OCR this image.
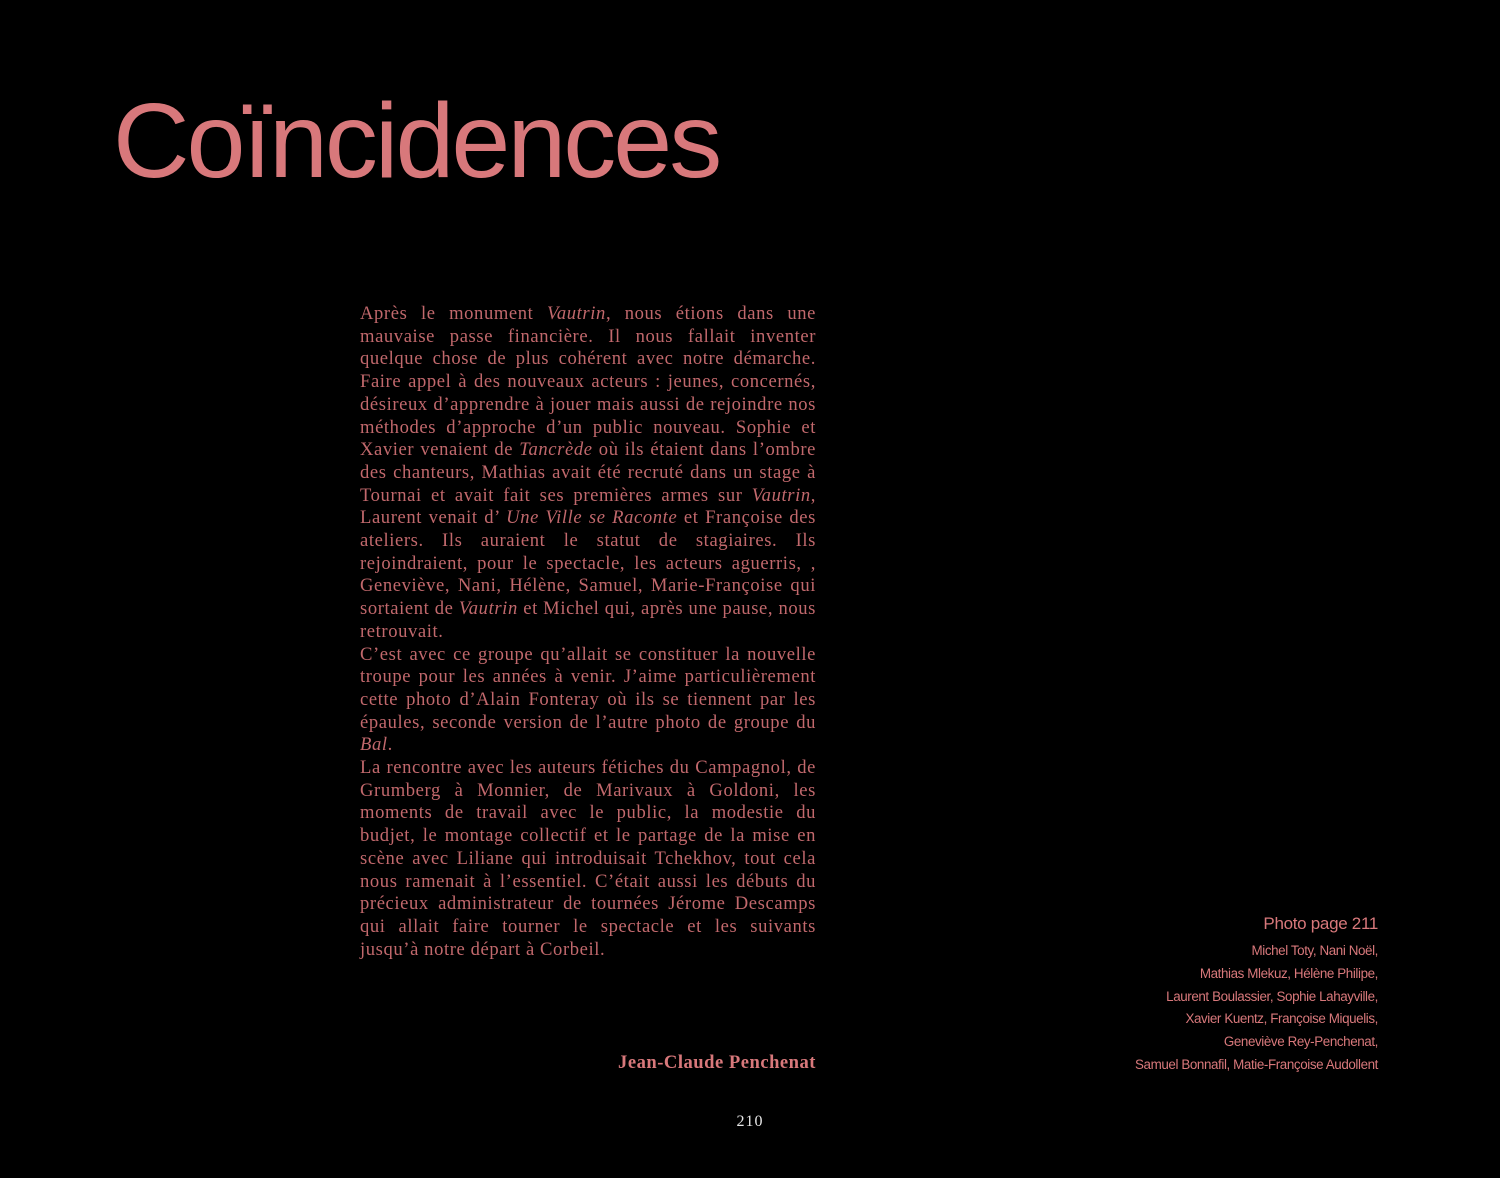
Coïncidences

Après le monument Vautrin, nous étions dans une mauvaise passe financière. Il nous fallait inventer quelque chose de plus cohérent avec notre démarche. Faire appel à des nouveaux acteurs : jeunes, concernés, désireux d’apprendre à jouer mais aussi de rejoindre nos méthodes d’approche d’un public nouveau. Sophie et Xavier venaient de Tancrède où ils étaient dans l’ombre des chanteurs, Mathias avait été recruté dans un stage à Tournai et avait fait ses premières armes sur Vautrin, Laurent venait d’ Une Ville se Raconte et Françoise des ateliers. Ils auraient le statut de stagiaires. Ils rejoindraient, pour le spectacle, les acteurs aguerris, , Geneviève, Nani, Hélène, Samuel, Marie-Françoise qui sortaient de Vautrin et Michel qui, après une pause, nous retrouvait.

C’est avec ce groupe qu’allait se constituer la nouvelle troupe pour les années à venir. J’aime particulièrement cette photo d’Alain Fonteray où ils se tiennent par les épaules, seconde version de l’autre photo de groupe du Bal.

La rencontre avec les auteurs fétiches du Campagnol, de Grumberg à Monnier, de Marivaux à Goldoni, les moments de travail avec le public, la modestie du budjet, le montage collectif et le partage de la mise en scène avec Liliane qui introduisait Tchekhov, tout cela nous ramenait à l’essentiel. C’était aussi les débuts du précieux administrateur de tournées Jérome Descamps qui allait faire tourner le spectacle et les suivants jusqu’à notre départ à Corbeil.

Jean-Claude Penchenat
Photo page 211
Michel Toty, Nani Noël,
Mathias Mlekuz, Hélène Philipe,
Laurent Boulassier, Sophie Lahayville,
Xavier Kuentz, Françoise Miquelis,
Geneviève Rey-Penchenat,
Samuel Bonnafil, Matie-Françoise Audollent
210
